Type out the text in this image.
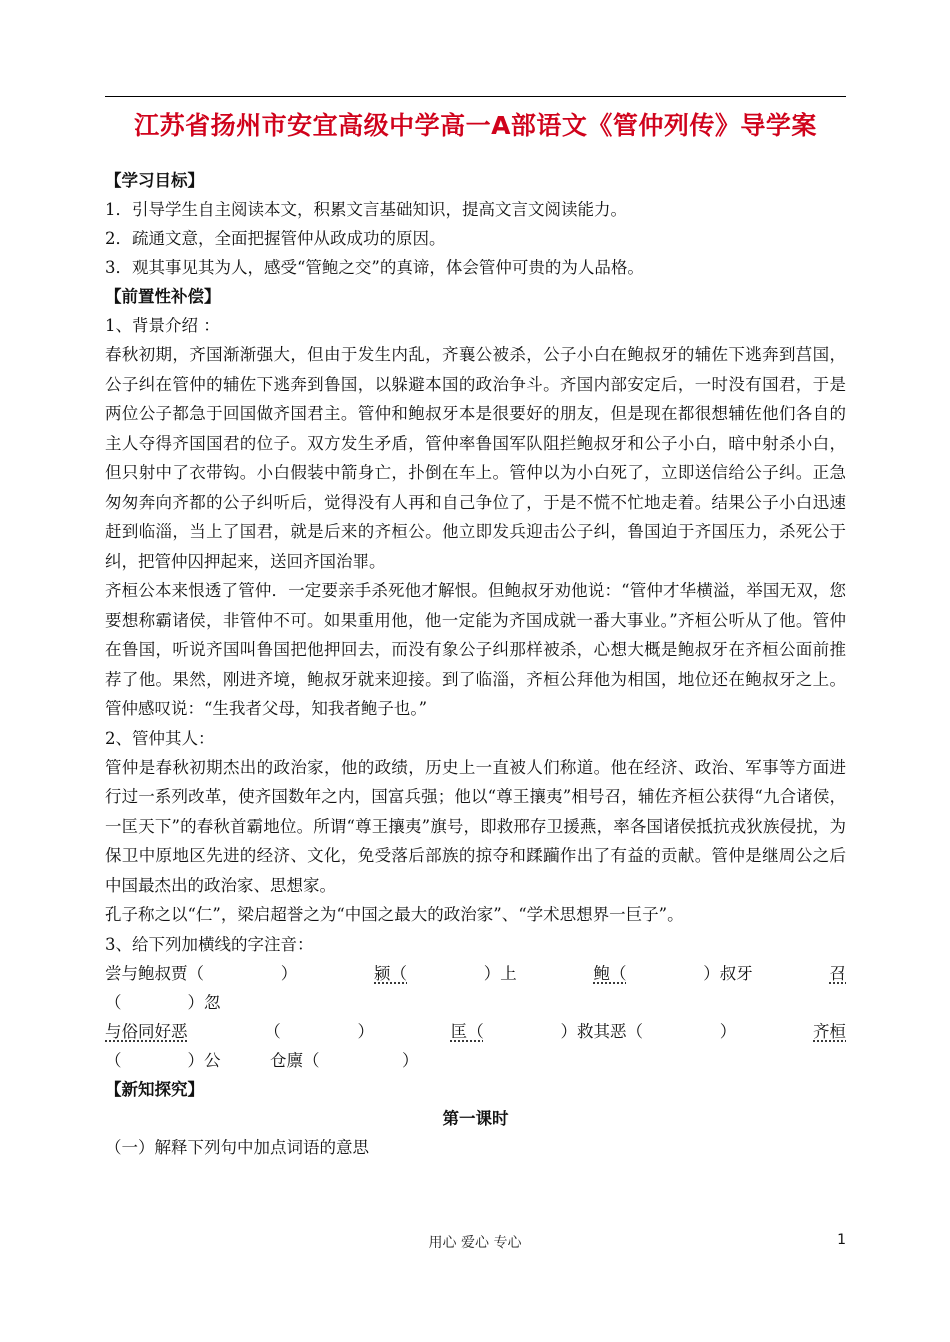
江苏省扬州市安宜高级中学高一A部语文《管仲列传》导学案
【学习目标】
1．引导学生自主阅读本文，积累文言基础知识，提高文言文阅读能力。
2．疏通文意，全面把握管仲从政成功的原因。
3．观其事见其为人，感受“管鲍之交”的真谛，体会管仲可贵的为人品格。
【前置性补偿】
1、背景介绍 ：
春秋初期，齐国渐渐强大，但由于发生内乱，齐襄公被杀，公子小白在鲍叔牙的辅佐下逃奔到莒国，公子纠在管仲的辅佐下逃奔到鲁国，以躲避本国的政治争斗。齐国内部安定后，一时没有国君，于是两位公子都急于回国做齐国君主。管仲和鲍叔牙本是很要好的朋友，但是现在都很想辅佐他们各自的主人夺得齐国国君的位子。双方发生矛盾，管仲率鲁国军队阻拦鲍叔牙和公子小白，暗中射杀小白，但只射中了衣带钩。小白假装中箭身亡，扑倒在车上。管仲以为小白死了，立即送信给公子纠。正急匆匆奔向齐都的公子纠听后，觉得没有人再和自己争位了，于是不慌不忙地走着。结果公子小白迅速赶到临淄，当上了国君，就是后来的齐桓公。他立即发兵迎击公子纠，鲁国迫于齐国压力，杀死公于纠，把管仲囚押起来，送回齐国治罪。
齐桓公本来恨透了管仲．一定要亲手杀死他才解恨。但鲍叔牙劝他说：“管仲才华横溢，举国无双，您要想称霸诸侯，非管仲不可。如果重用他，他一定能为齐国成就一番大事业。”齐桓公听从了他。管仲在鲁国，听说齐国叫鲁国把他押回去，而没有象公子纠那样被杀，心想大概是鲍叔牙在齐桓公面前推荐了他。果然，刚进齐境，鲍叔牙就来迎接。到了临淄，齐桓公拜他为相国，地位还在鲍叔牙之上。管仲感叹说：“生我者父母，知我者鲍子也。”
2、管仲其人：
管仲是春秋初期杰出的政治家，他的政绩，历史上一直被人们称道。他在经济、政治、军事等方面进行过一系列改革，使齐国数年之内，国富兵强；他以“尊王攘夷”相号召，辅佐齐桓公获得“九合诸侯，一匡天下”的春秋首霸地位。所谓“尊王攘夷”旗号，即救邢存卫援燕，率各国诸侯抵抗戎狄族侵扰，为保卫中原地区先进的经济、文化，免受落后部族的掠夺和蹂躏作出了有益的贡献。管仲是继周公之后中国最杰出的政治家、思想家。
孔子称之以“仁”，梁启超誉之为“中国之最大的政治家”、“学术思想界一巨子”。
3、给下列加横线的字注音：
尝与鲍叔贾（	）	颍（	）上	鲍（	）叔牙	召
（　　　　）忽
与俗同好恶	（	）	匡（	）救其恶（	）	齐桓
（　　　　）公　　　仓廪（　　　　　）
【新知探究】
第一课时
（一）解释下列句中加点词语的意思
用心 爱心 专心	1
